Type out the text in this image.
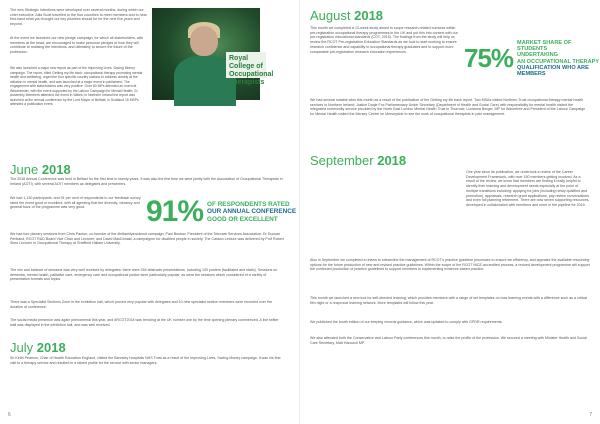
The new Strategic Intentions were developed over several months, during which our chief executive Julia Scott travelled to the four countries to meet members and to hear first-hand what you thought our key priorities should be for the next five years and beyond.

At the event we launched our new pledge campaign, for which all stakeholders, with members at the head, are encouraged to make personal pledges of how they will contribute to realising the intentions, and ultimately to secure the future of the profession.

We also launched a major new report as part of the Improving Lives, Saving Money campaign. The report, titled Getting my life back: occupational therapy promoting mental health and wellbeing, urged the four specific country nations to address closely at the initiation in mental health, and was launched at a major event in parliament. The engagement with stakeholders was very positive. Over 60 MPs attended an event at Westminster, with the event supported by the Labour Campaign for Mental Health; 21 Assembly Members attended the event in Wales; in Northern Ireland the report was launched at the annual conference by the Lord Mayor of Belfast; in Scotland 16 MSPs attended a publication event.

Royal College of Occupational Therapists
June 2018

The 2018 Annual Conference was held in Belfast for the first time in twenty years. It was also the first time we were jointly with the Association of Occupational Therapists in Ireland (AOTI), with several AOTI members as delegates and presenters.

We had 1,130 participants, and 91 per cent of respondents to our feedback survey rated the event good or excellent, with all agreeing that the diversity, vibrancy and general buzz of the programme was very good.	91% OF RESPONDENTS RATED
OUR ANNUAL CONFERENCE
GOOD OR EXCELLENT

We had four plenary sessions from Chris Panton, co-founder of the #letfamilyinsideout campaign; Paul Bustow, President of the Telecare Services Association; Dr Duncan Pentland, RCOT R&D Board Vice Chair and Lecturer; and David MacDonald, a campaigner for disabled people in society. The Casson Lecture was delivered by Prof Robert Sims Lecturer in Occupational Therapy at Sheffield Hallam University.

The mix and balance of sessions was very well received by delegates: there were 254 abstracts presentations, including 100 posters (facilitated and static). Sessions on dementia, mental health, palliative care, emergency care and occupational justice were particularly popular, as were the sessions which considered of a variety of presentation formats and topics.

There was a Specialist Sections Zone in the exhibition hall, which proved very popular with delegates and 10 new specialist section members were recruited over the duration of conference.

The social media presence was again phenomenal this year, and #RCOT2018 was trending at the UK number one by the time opening plenary commenced. A live twitter wall was displayed in the exhibition hall, and was well received.

July 2018

Sir Keith Pearson, Chair of Health Education England, visited the Barnsley Hospitals NHS Trust as a result of the Improving Lives, Saving Money campaign. It was his first visit to a therapy service and resulted in a raised profile for the service with senior managers.

6
August 2018

This month we completed a 12-week study aimed to scope research-related curricula within pre-registration occupational therapy programmes in the UK and put this into context with our pre-registration educational standards (COT, 2016). The findings from the study will help us review the RCOT Pre-registration Education Standards as we look to start working to ensure research confidence and capability in occupational therapy graduates and to support more comparable pre-registration research education experiences.	75%
MARKET SHARE OF STUDENTS
UNDERTAKING
AN OCCUPATIONAL THERAPY
QUALIFICATION WHO ARE MEMBERS

We had several notable wins this month as a result of the publication of the Getting my life back report. Two MSAs visited Northern Trust occupational therapy mental health services in Northern Ireland; Justice Daqie Fox Parliamentary Under Secretary (Department of Health and Social Care) with responsibility for mental health visited the integrated community service provided by the North East London Mental Health Trust in Thurrock; Lucianna Berger, MP for Wavertree and President of the Labour Campaign for Mental Health visited the Mersey Centre on Merseyside to see the work of occupational therapists in pain management.

September 2018

One year since its publication, we undertook a review of the Career Development Framework, with over 150 members getting involved. As a result of the review, we know that members are finding it really helpful to identify their learning and development needs especially at the point of multiple transitions including: applying for jobs (including newly qualified and promotion), appraisals, research grant applications, pay review conversations and even full planning retirement. There are now seven supporting resources, developed in collaboration with members and more in the pipeline for 2019.

Also in September we completed a review to streamline the management of RCOT's practice guideline processes to ensure we efficiency, and appraise the available resourcing options for the future production of new and revised practice guidelines. Within the scope of the RCOT NICE-accredited process, a revised development programme will support the continued production of practice guidelines to support members in implementing evidence-based practice.

This month we launched a new tool for self-directed learning, which provides members with a range of set templates on how learning events with a difference such as a critical film night or a reciprocal learning network. More templates will follow this year.

We published the fourth edition of our keeping records guidance, which was updated to comply with GPDR requirements.

We also attended both the Conservative and Labour Party conferences this month, to raise the profile of the profession. We secured a meeting with Minister Health and Social Care Secretary, Matt Hancock MP.

7
